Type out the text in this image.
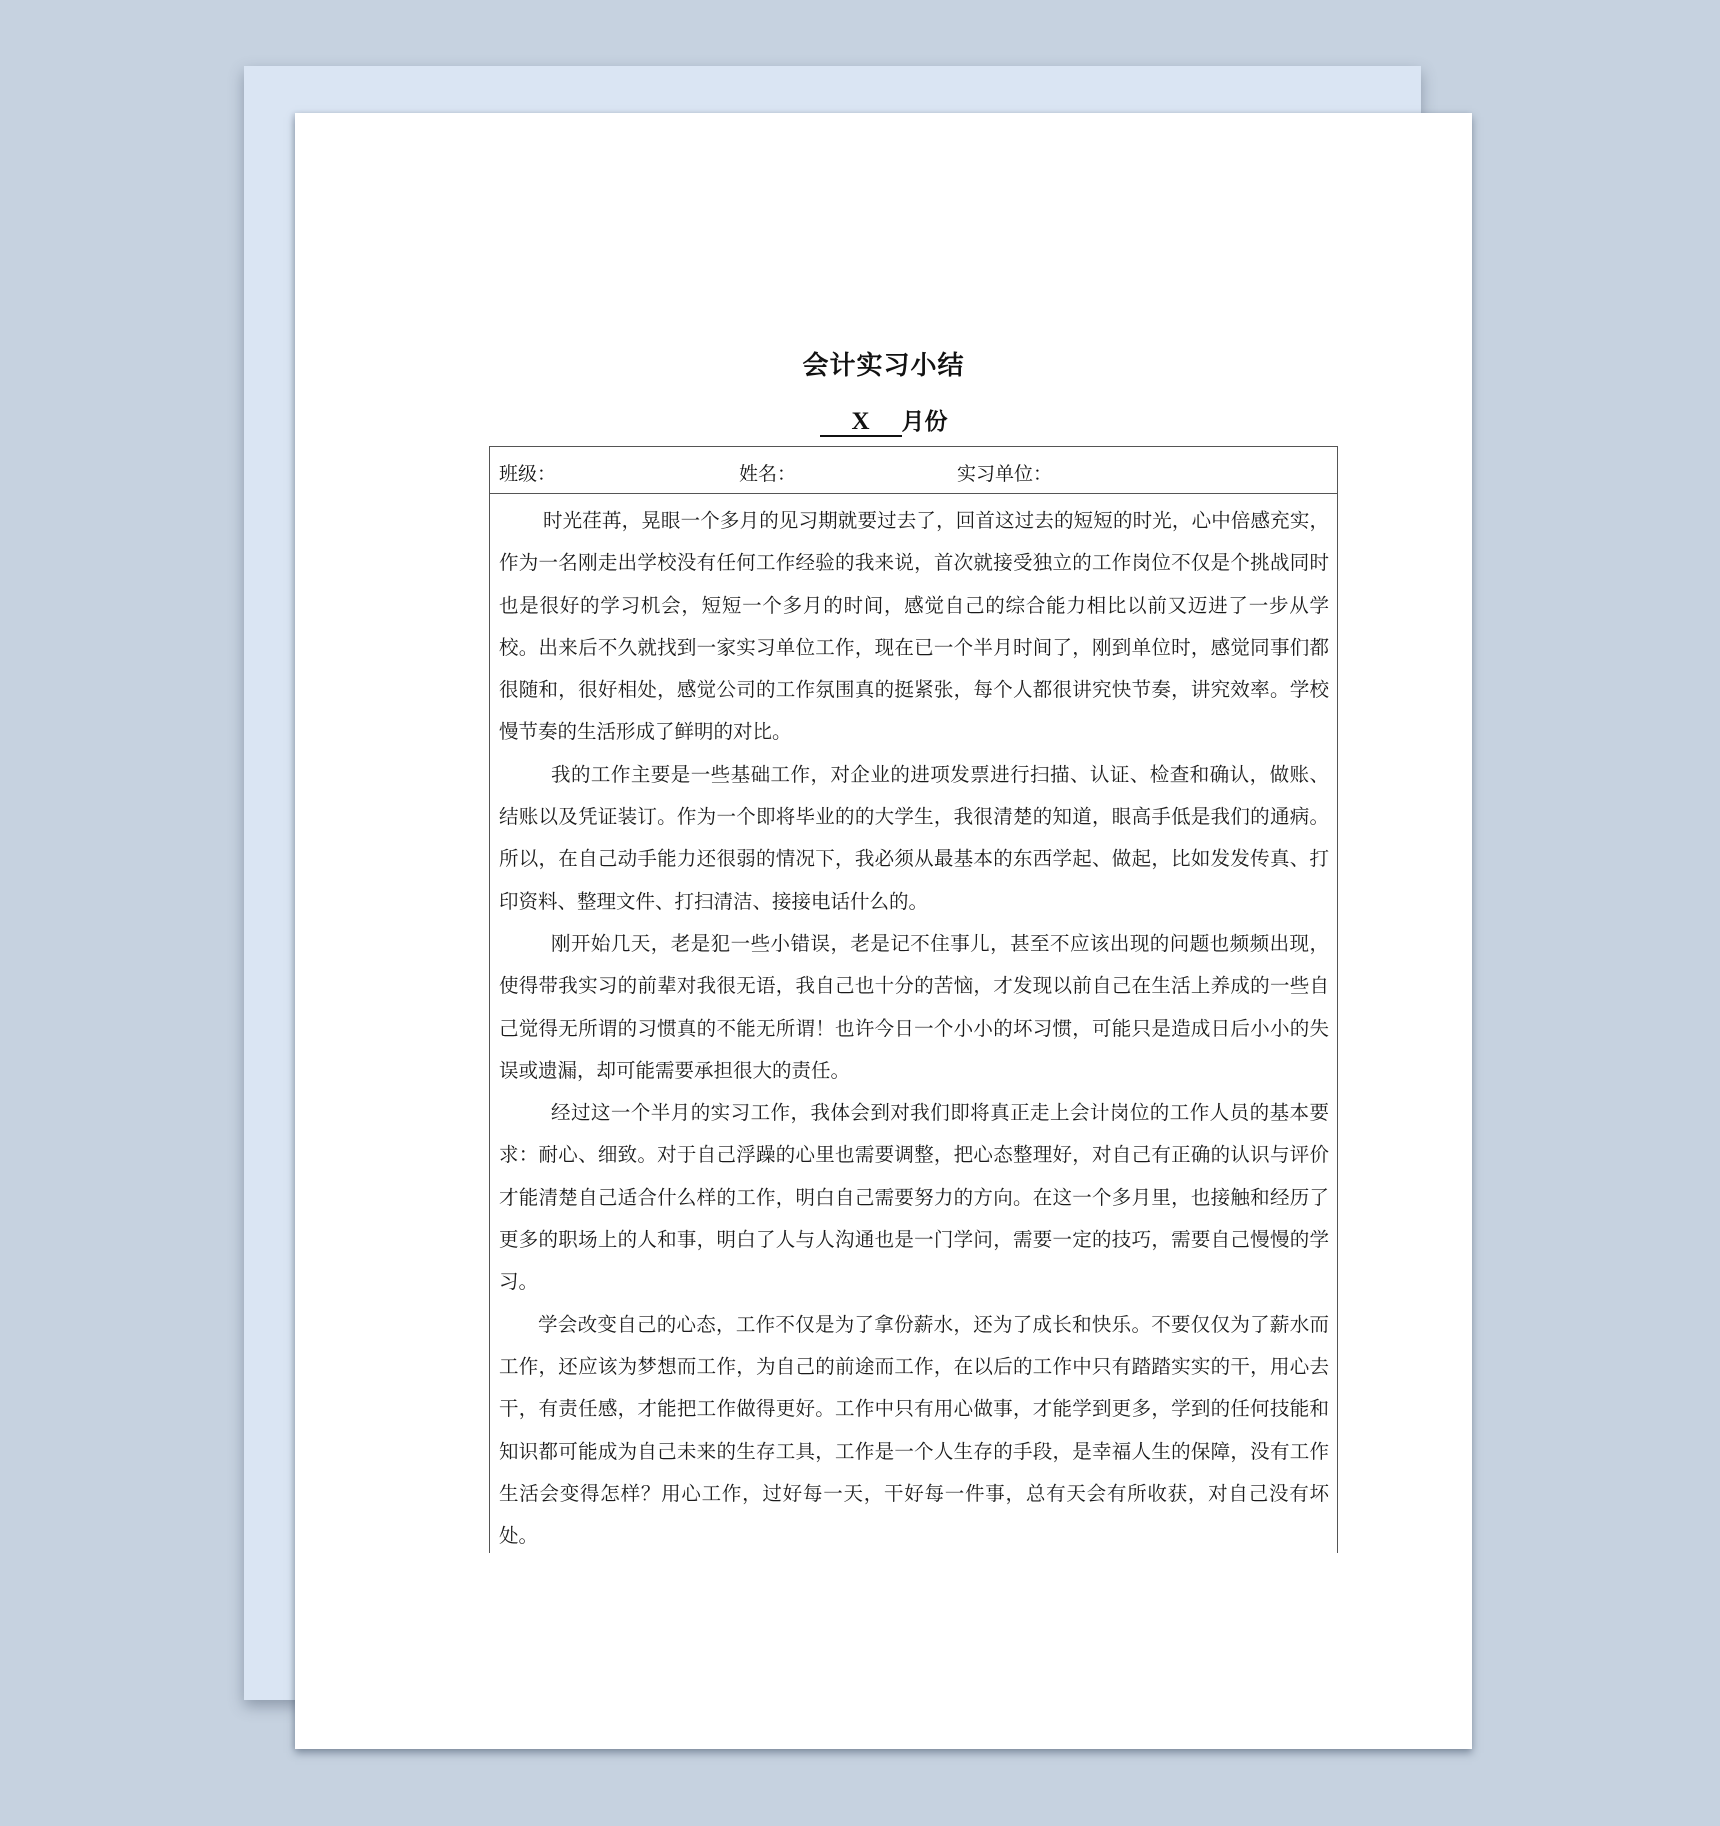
会计实习小结
X 月份
班级：	姓名：	实习单位：

时光荏苒，晃眼一个多月的见习期就要过去了，回首这过去的短短的时光，心中倍感充实，作为一名刚走出学校没有任何工作经验的我来说，首次就接受独立的工作岗位不仅是个挑战同时也是很好的学习机会，短短一个多月的时间，感觉自己的综合能力相比以前又迈进了一步从学校。出来后不久就找到一家实习单位工作，现在已一个半月时间了，刚到单位时，感觉同事们都很随和，很好相处，感觉公司的工作氛围真的挺紧张，每个人都很讲究快节奏，讲究效率。学校慢节奏的生活形成了鲜明的对比。

我的工作主要是一些基础工作，对企业的进项发票进行扫描、认证、检查和确认，做账、结账以及凭证装订。作为一个即将毕业的的大学生，我很清楚的知道，眼高手低是我们的通病。所以，在自己动手能力还很弱的情况下，我必须从最基本的东西学起、做起，比如发发传真、打印资料、整理文件、打扫清洁、接接电话什么的。

刚开始几天，老是犯一些小错误，老是记不住事儿，甚至不应该出现的问题也频频出现，使得带我实习的前辈对我很无语，我自己也十分的苦恼，才发现以前自己在生活上养成的一些自己觉得无所谓的习惯真的不能无所谓！也许今日一个小小的坏习惯，可能只是造成日后小小的失误或遗漏，却可能需要承担很大的责任。

经过这一个半月的实习工作，我体会到对我们即将真正走上会计岗位的工作人员的基本要求：耐心、细致。对于自己浮躁的心里也需要调整，把心态整理好，对自己有正确的认识与评价才能清楚自己适合什么样的工作，明白自己需要努力的方向。在这一个多月里，也接触和经历了更多的职场上的人和事，明白了人与人沟通也是一门学问，需要一定的技巧，需要自己慢慢的学习。

学会改变自己的心态，工作不仅是为了拿份薪水，还为了成长和快乐。不要仅仅为了薪水而工作，还应该为梦想而工作，为自己的前途而工作，在以后的工作中只有踏踏实实的干，用心去干，有责任感，才能把工作做得更好。工作中只有用心做事，才能学到更多，学到的任何技能和知识都可能成为自己未来的生存工具，工作是一个人生存的手段，是幸福人生的保障，没有工作生活会变得怎样？用心工作，过好每一天，干好每一件事，总有天会有所收获，对自己没有坏处。
